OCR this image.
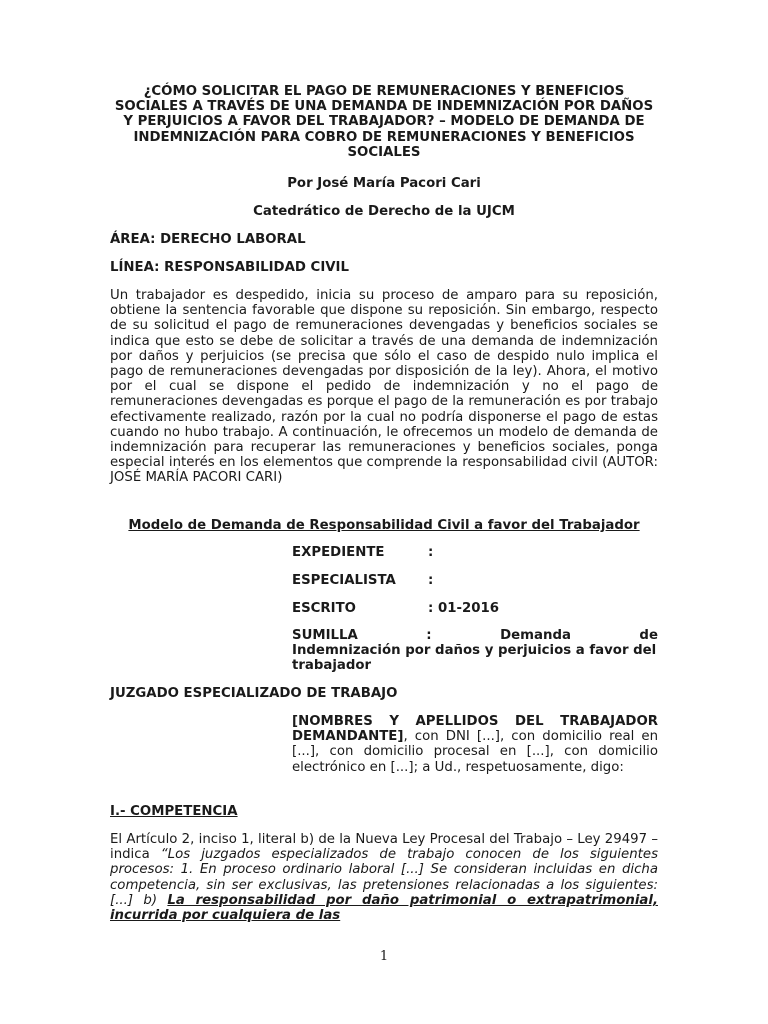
¿CÓMO SOLICITAR EL PAGO DE REMUNERACIONES Y BENEFICIOS SOCIALES A TRAVÉS DE UNA DEMANDA DE INDEMNIZACIÓN POR DAÑOS Y PERJUICIOS A FAVOR DEL TRABAJADOR? – MODELO DE DEMANDA DE INDEMNIZACIÓN PARA COBRO DE REMUNERACIONES Y BENEFICIOS SOCIALES

Por José María Pacori Cari

Catedrático de Derecho de la UJCM

ÁREA: DERECHO LABORAL

LÍNEA: RESPONSABILIDAD CIVIL

Un trabajador es despedido, inicia su proceso de amparo para su reposición, obtiene la sentencia favorable que dispone su reposición. Sin embargo, respecto de su solicitud el pago de remuneraciones devengadas y beneficios sociales se indica que esto se debe de solicitar a través de una demanda de indemnización por daños y perjuicios (se precisa que sólo el caso de despido nulo implica el pago de remuneraciones devengadas por disposición de la ley). Ahora, el motivo por el cual se dispone el pedido de indemnización y no el pago de remuneraciones devengadas es porque el pago de la remuneración es por trabajo efectivamente realizado, razón por la cual no podría disponerse el pago de estas cuando no hubo trabajo. A continuación, le ofrecemos un modelo de demanda de indemnización para recuperar las remuneraciones y beneficios sociales, ponga especial interés en los elementos que comprende la responsabilidad civil (AUTOR: JOSÉ MARÍA PACORI CARI)

Modelo de Demanda de Responsabilidad Civil a favor del Trabajador

EXPEDIENTE	:
ESPECIALISTA :
ESCRITO	: 01-2016
SUMILLA	:	Demanda	de
Indemnización por daños y perjuicios a favor del trabajador

JUZGADO ESPECIALIZADO DE TRABAJO

[NOMBRES Y APELLIDOS DEL TRABAJADOR DEMANDANTE], con DNI [...], con domicilio real en [...], con domicilio procesal en [...], con domicilio electrónico en [...]; a Ud., respetuosamente, digo:

I.- COMPETENCIA

El Artículo 2, inciso 1, literal b) de la Nueva Ley Procesal del Trabajo – Ley 29497 – indica “Los juzgados especializados de trabajo conocen de los siguientes procesos: 1. En proceso ordinario laboral [...] Se consideran incluidas en dicha competencia, sin ser exclusivas, las pretensiones relacionadas a los siguientes: [...] b) La responsabilidad por daño patrimonial o extrapatrimonial, incurrida por cualquiera de las

1
